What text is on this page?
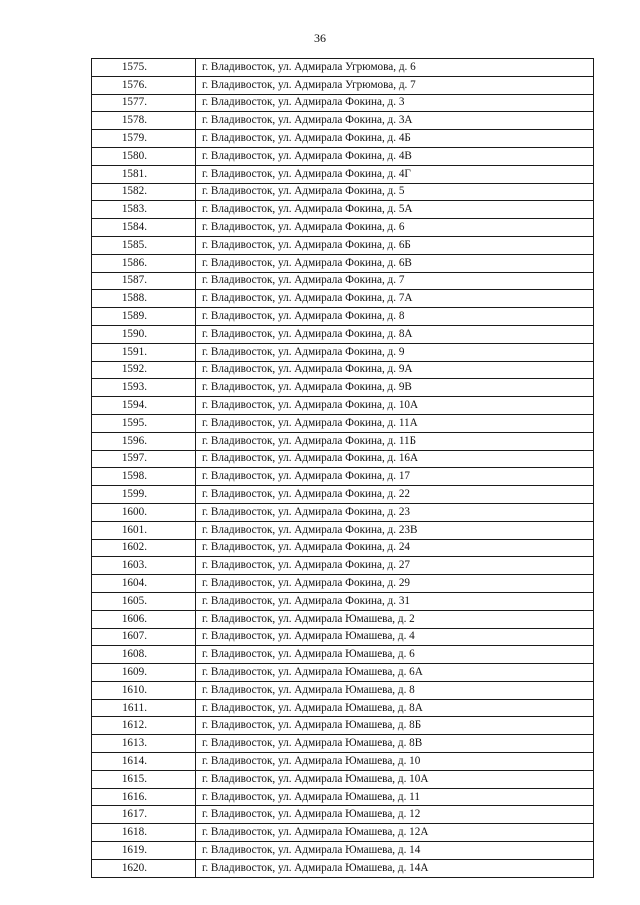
36
1575.	г. Владивосток, ул. Адмирала Угрюмова, д. 6
1576.	г. Владивосток, ул. Адмирала Угрюмова, д. 7
1577.	г. Владивосток, ул. Адмирала Фокина, д. 3
1578.	г. Владивосток, ул. Адмирала Фокина, д. 3А
1579.	г. Владивосток, ул. Адмирала Фокина, д. 4Б
1580.	г. Владивосток, ул. Адмирала Фокина, д. 4В
1581.	г. Владивосток, ул. Адмирала Фокина, д. 4Г
1582.	г. Владивосток, ул. Адмирала Фокина, д. 5
1583.	г. Владивосток, ул. Адмирала Фокина, д. 5А
1584.	г. Владивосток, ул. Адмирала Фокина, д. 6
1585.	г. Владивосток, ул. Адмирала Фокина, д. 6Б
1586.	г. Владивосток, ул. Адмирала Фокина, д. 6В
1587.	г. Владивосток, ул. Адмирала Фокина, д. 7
1588.	г. Владивосток, ул. Адмирала Фокина, д. 7А
1589.	г. Владивосток, ул. Адмирала Фокина, д. 8
1590.	г. Владивосток, ул. Адмирала Фокина, д. 8А
1591.	г. Владивосток, ул. Адмирала Фокина, д. 9
1592.	г. Владивосток, ул. Адмирала Фокина, д. 9А
1593.	г. Владивосток, ул. Адмирала Фокина, д. 9В
1594.	г. Владивосток, ул. Адмирала Фокина, д. 10А
1595.	г. Владивосток, ул. Адмирала Фокина, д. 11А
1596.	г. Владивосток, ул. Адмирала Фокина, д. 11Б
1597.	г. Владивосток, ул. Адмирала Фокина, д. 16А
1598.	г. Владивосток, ул. Адмирала Фокина, д. 17
1599.	г. Владивосток, ул. Адмирала Фокина, д. 22
1600.	г. Владивосток, ул. Адмирала Фокина, д. 23
1601.	г. Владивосток, ул. Адмирала Фокина, д. 23В
1602.	г. Владивосток, ул. Адмирала Фокина, д. 24
1603.	г. Владивосток, ул. Адмирала Фокина, д. 27
1604.	г. Владивосток, ул. Адмирала Фокина, д. 29
1605.	г. Владивосток, ул. Адмирала Фокина, д. 31
1606.	г. Владивосток, ул. Адмирала Юмашева, д. 2
1607.	г. Владивосток, ул. Адмирала Юмашева, д. 4
1608.	г. Владивосток, ул. Адмирала Юмашева, д. 6
1609.	г. Владивосток, ул. Адмирала Юмашева, д. 6А
1610.	г. Владивосток, ул. Адмирала Юмашева, д. 8
1611.	г. Владивосток, ул. Адмирала Юмашева, д. 8А
1612.	г. Владивосток, ул. Адмирала Юмашева, д. 8Б
1613.	г. Владивосток, ул. Адмирала Юмашева, д. 8В
1614.	г. Владивосток, ул. Адмирала Юмашева, д. 10
1615.	г. Владивосток, ул. Адмирала Юмашева, д. 10А
1616.	г. Владивосток, ул. Адмирала Юмашева, д. 11
1617.	г. Владивосток, ул. Адмирала Юмашева, д. 12
1618.	г. Владивосток, ул. Адмирала Юмашева, д. 12А
1619.	г. Владивосток, ул. Адмирала Юмашева, д. 14
1620.	г. Владивосток, ул. Адмирала Юмашева, д. 14А
